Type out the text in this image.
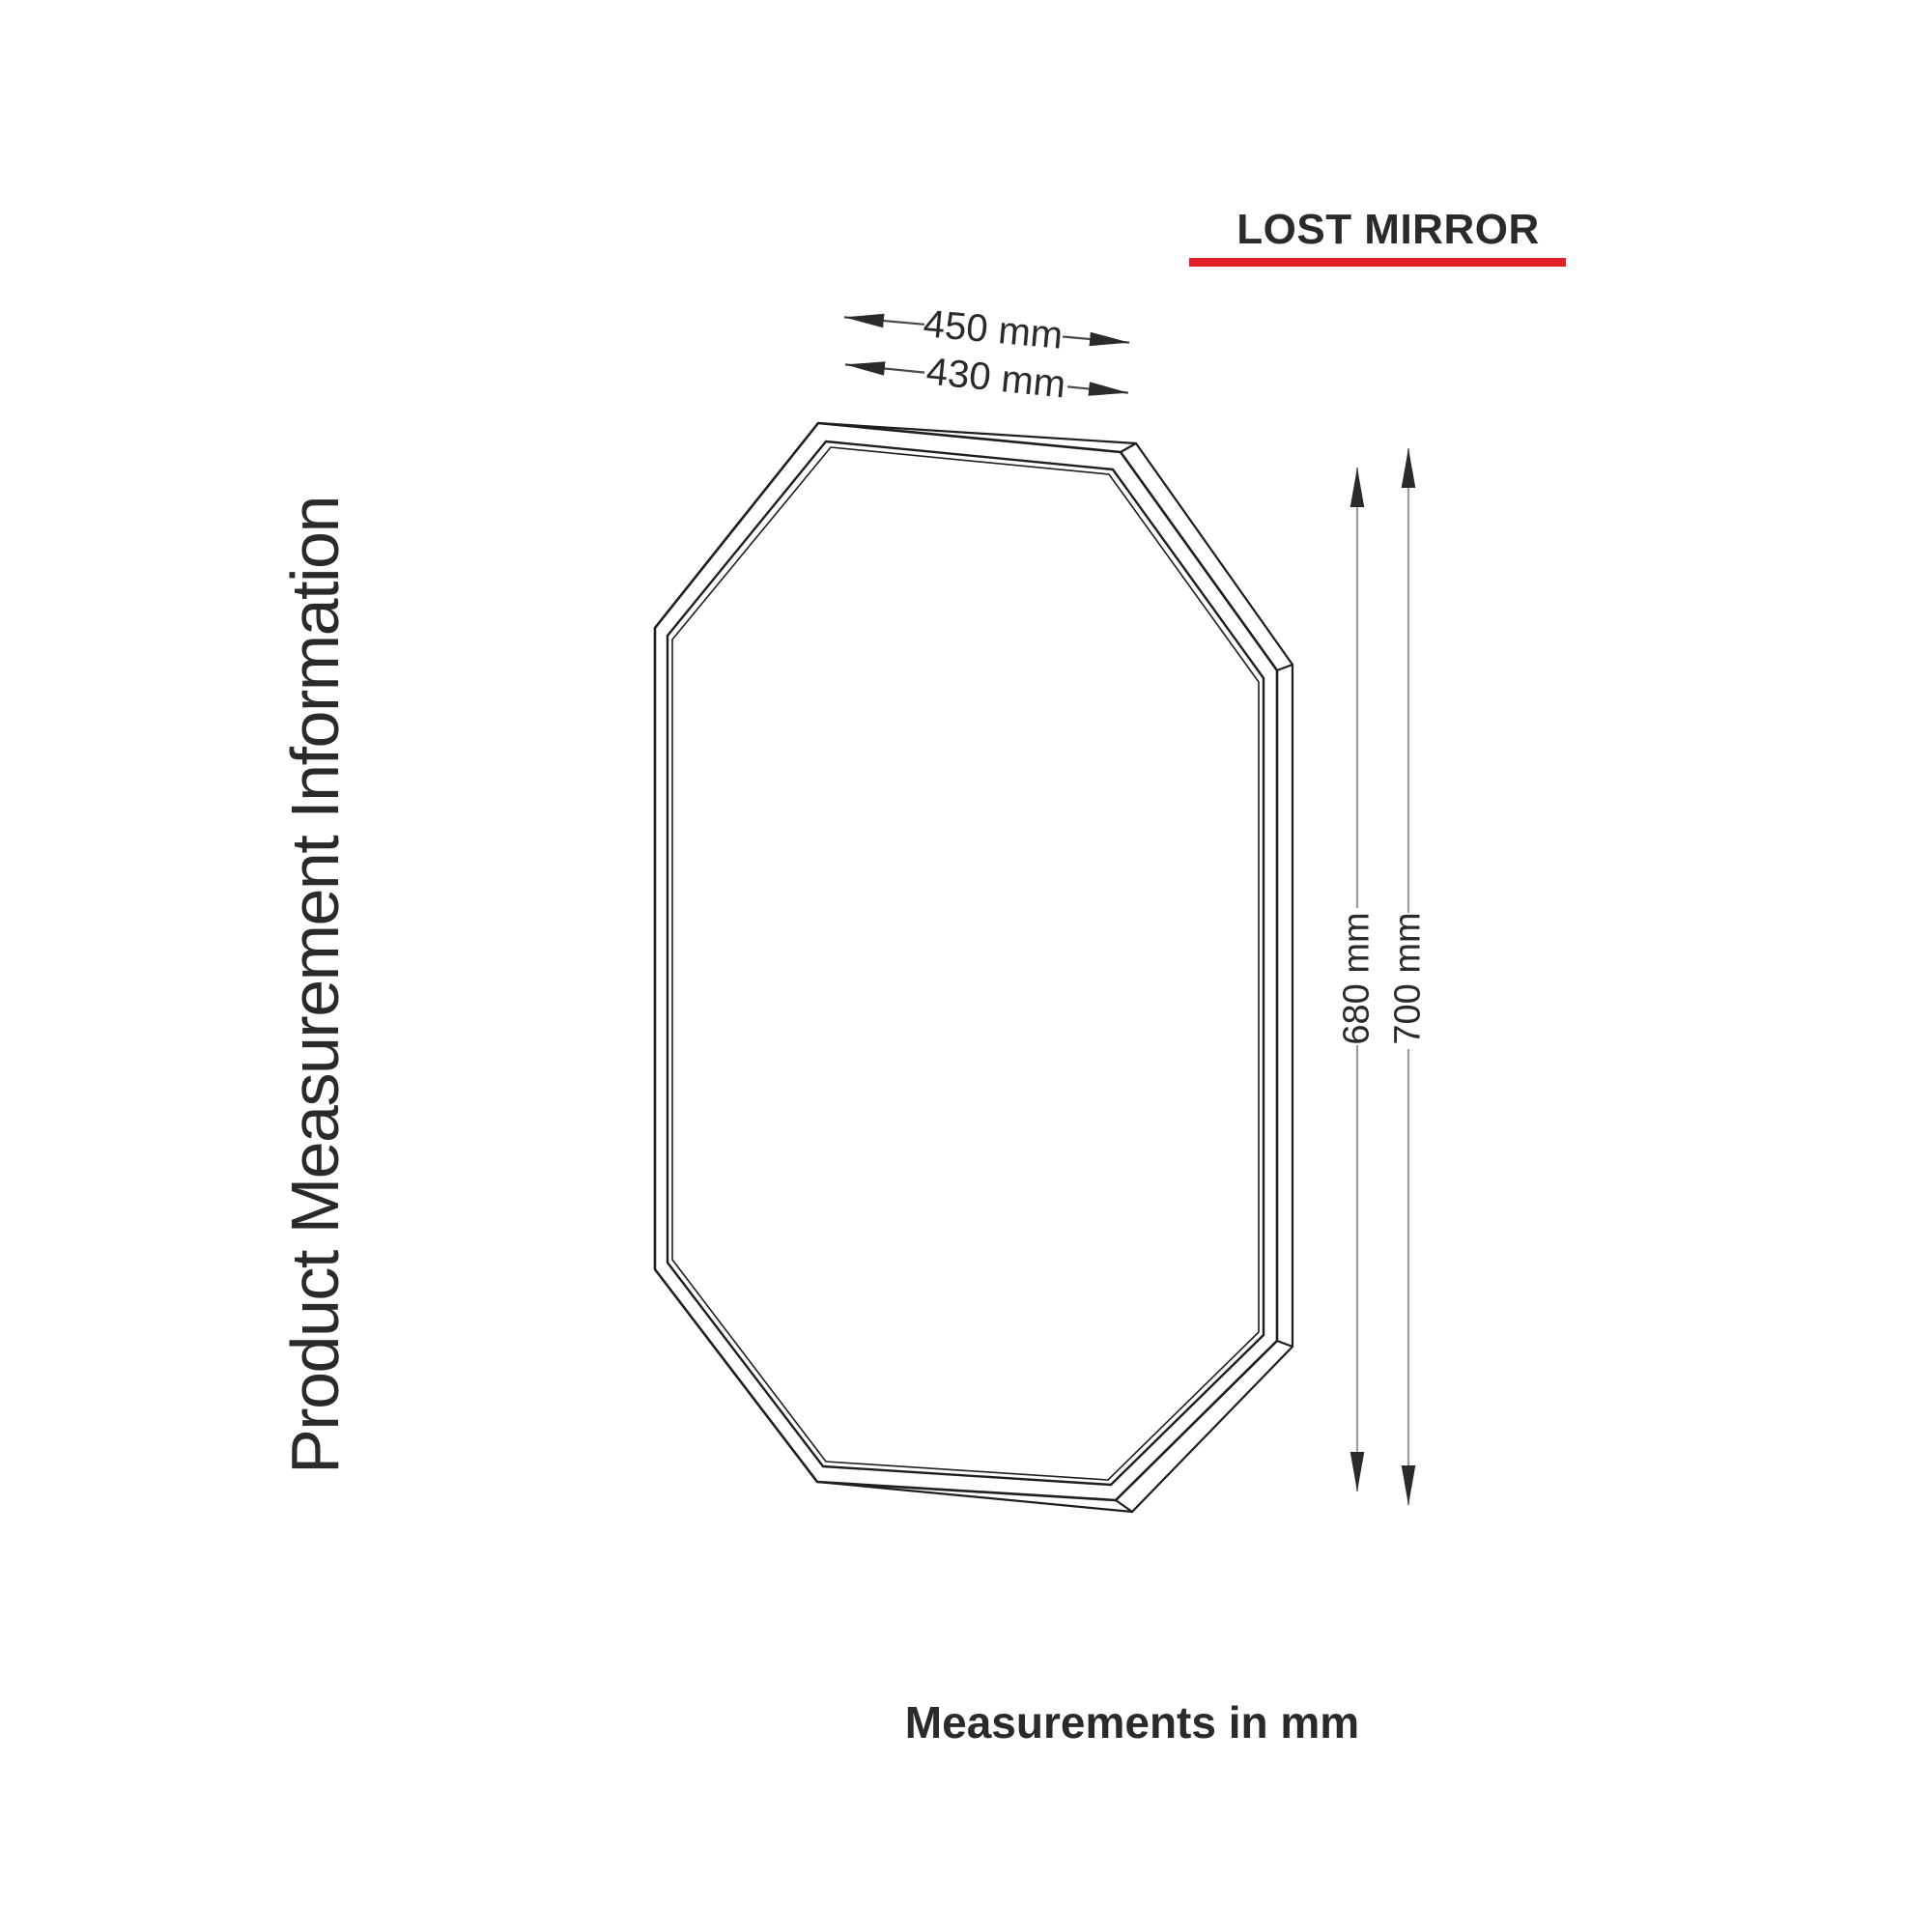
LOST MIRROR
450 mm
430 mm
680 mm 700 mm
Product Measurement Information
Measurements in mm
